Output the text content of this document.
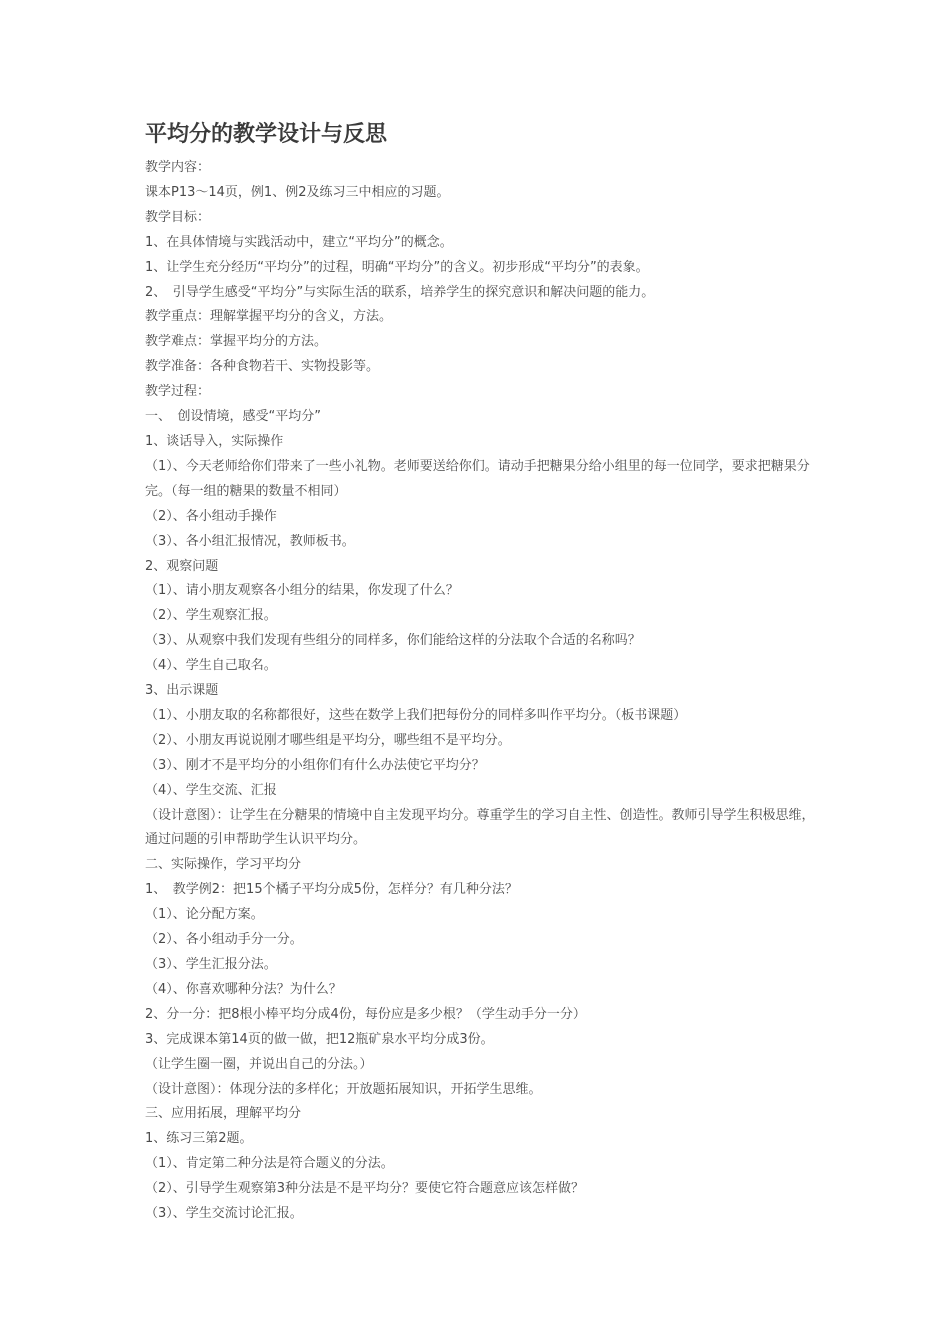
平均分的教学设计与反思

教学内容：

课本P13～14页，例1、例2及练习三中相应的习题。

教学目标：

1、在具体情境与实践活动中，建立“平均分”的概念。

1、让学生充分经历“平均分”的过程，明确“平均分”的含义。初步形成“平均分”的表象。

2、　引导学生感受“平均分”与实际生活的联系，培养学生的探究意识和解决问题的能力。

教学重点：理解掌握平均分的含义，方法。

教学难点：掌握平均分的方法。

教学准备：各种食物若干、实物投影等。

教学过程：

一、　创设情境，感受“平均分”

1、谈话导入，实际操作

（1）、今天老师给你们带来了一些小礼物。老师要送给你们。请动手把糖果分给小组里的每一位同学，要求把糖果分完。（每一组的糖果的数量不相同）

（2）、各小组动手操作

（3）、各小组汇报情况，教师板书。

2、观察问题

（1）、请小朋友观察各小组分的结果，你发现了什么？

（2）、学生观察汇报。

（3）、从观察中我们发现有些组分的同样多，你们能给这样的分法取个合适的名称吗？

（4）、学生自己取名。

3、出示课题

（1）、小朋友取的名称都很好，这些在数学上我们把每份分的同样多叫作平均分。（板书课题）

（2）、小朋友再说说刚才哪些组是平均分，哪些组不是平均分。

（3）、刚才不是平均分的小组你们有什么办法使它平均分？

（4）、学生交流、汇报

（设计意图）：让学生在分糖果的情境中自主发现平均分。尊重学生的学习自主性、创造性。教师引导学生积极思维，通过问题的引申帮助学生认识平均分。

二、实际操作，学习平均分

1、　教学例2：把15个橘子平均分成5份，怎样分？有几种分法？

（1）、论分配方案。

（2）、各小组动手分一分。

（3）、学生汇报分法。

（4）、你喜欢哪种分法？为什么？

2、分一分：把8根小棒平均分成4份，每份应是多少根？（学生动手分一分）

3、完成课本第14页的做一做，把12瓶矿泉水平均分成3份。

（让学生圈一圈，并说出自己的分法。）

（设计意图）：体现分法的多样化；开放题拓展知识，开拓学生思维。

三、应用拓展，理解平均分

1、练习三第2题。

（1）、肯定第二种分法是符合题义的分法。

（2）、引导学生观察第3种分法是不是平均分？要使它符合题意应该怎样做？

（3）、学生交流讨论汇报。
